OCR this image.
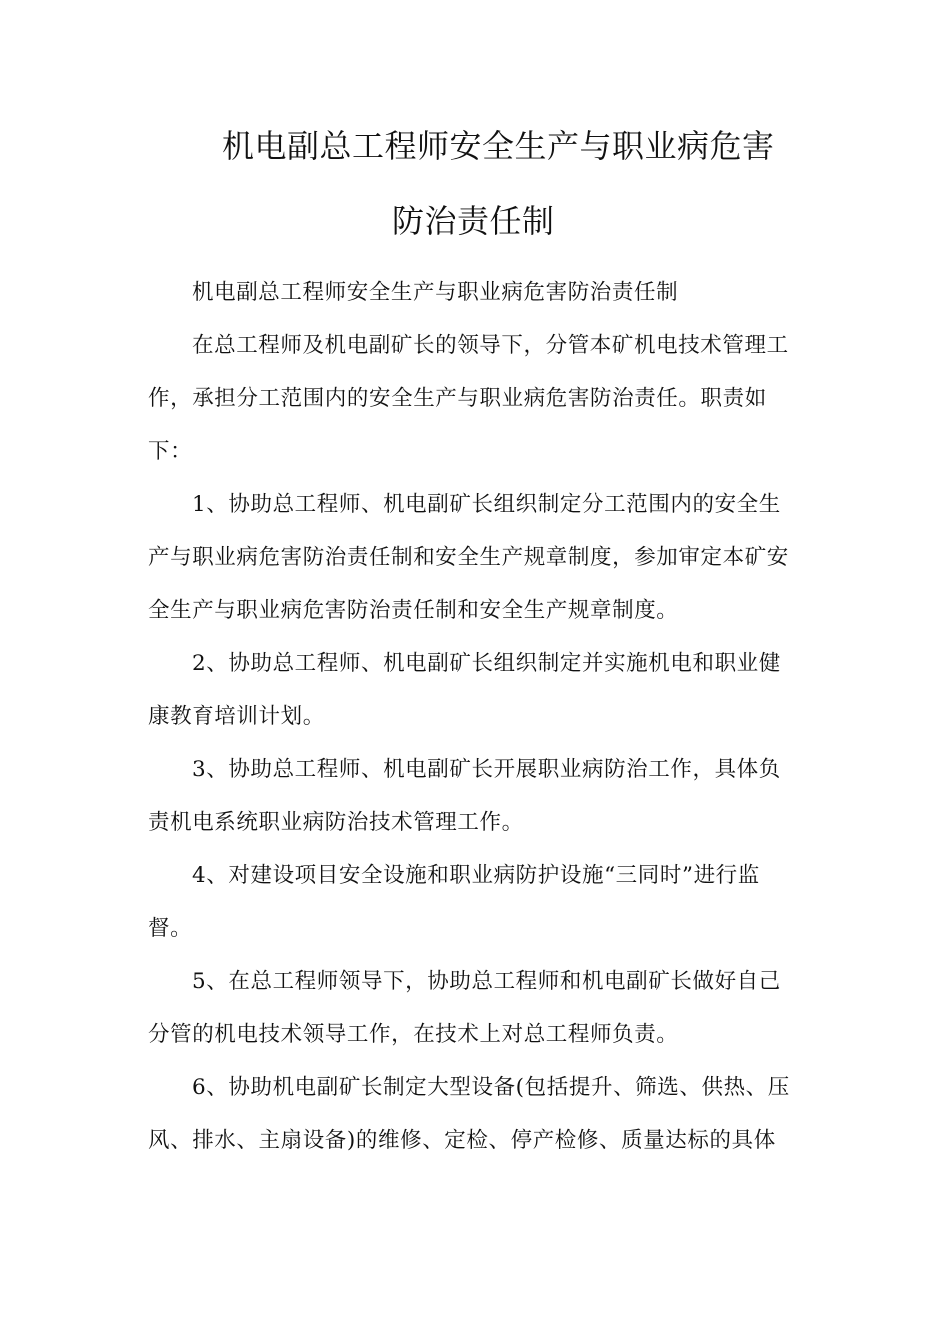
机电副总工程师安全生产与职业病危害
防治责任制

机电副总工程师安全生产与职业病危害防治责任制

在总工程师及机电副矿长的领导下，分管本矿机电技术管理工作，承担分工范围内的安全生产与职业病危害防治责任。职责如下：

1、协助总工程师、机电副矿长组织制定分工范围内的安全生产与职业病危害防治责任制和安全生产规章制度，参加审定本矿安全生产与职业病危害防治责任制和安全生产规章制度。

2、协助总工程师、机电副矿长组织制定并实施机电和职业健康教育培训计划。

3、协助总工程师、机电副矿长开展职业病防治工作，具体负责机电系统职业病防治技术管理工作。

4、对建设项目安全设施和职业病防护设施“三同时”进行监督。

5、在总工程师领导下，协助总工程师和机电副矿长做好自己分管的机电技术领导工作，在技术上对总工程师负责。

6、协助机电副矿长制定大型设备(包括提升、筛选、供热、压风、排水、主扇设备)的维修、定检、停产检修、质量达标的具体
